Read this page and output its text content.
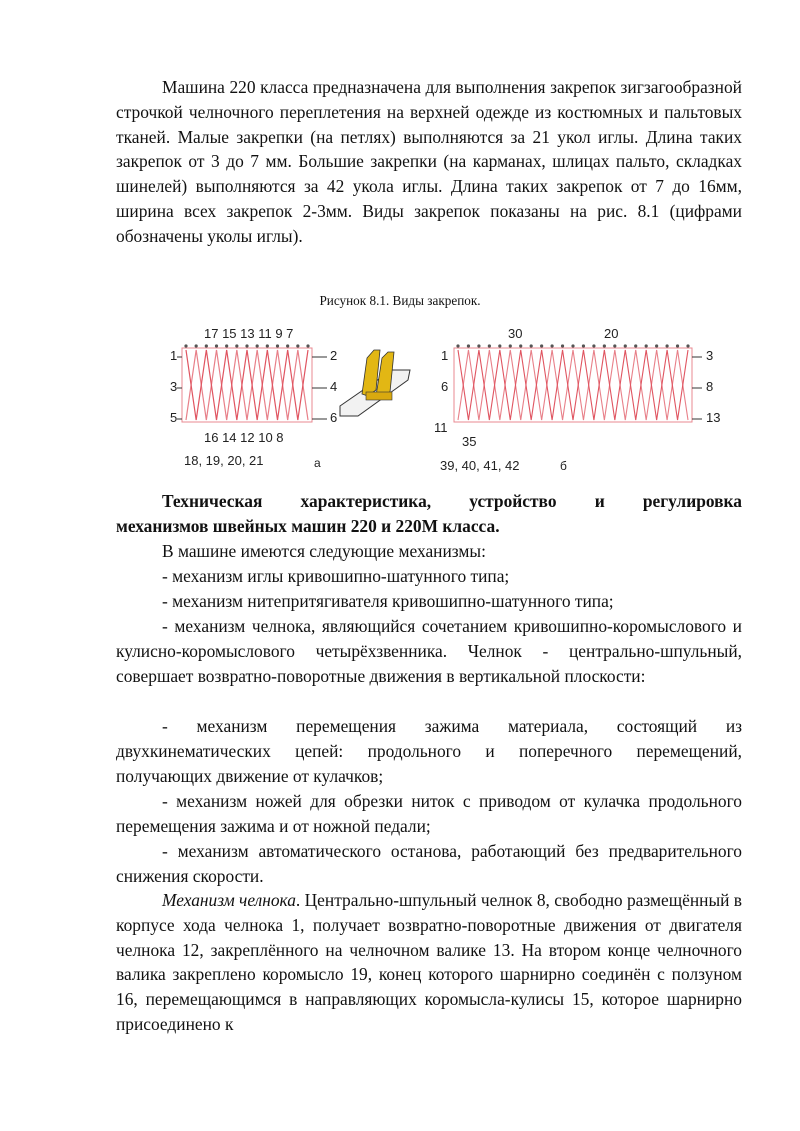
Машина 220 класса предназначена для выполнения закрепок зигзагообразной строчкой челночного переплетения на верхней одежде из костюмных и пальтовых тканей. Малые закрепки (на петлях) выполняются за 21 укол иглы. Длина таких закрепок от 3 до 7 мм. Большие закрепки (на карманах, шлицах пальто, складках шинелей) выполняются за 42 укола иглы. Длина таких закрепок от 7 до 16мм, ширина всех закрепок 2-3мм. Виды закрепок показаны на рис. 8.1 (цифрами обозначены уколы иглы).

Рисунок 8.1. Виды закрепок.
17 15 13 11 9 7
1
3
5
2
4
6
16 14 12 10 8
18, 19, 20, 21	а
30	20
1
6
11
3
8
13
35
39, 40, 41, 42	б

Техническая характеристика, устройство и регулировка
механизмов швейных машин 220 и 220М класса.

В машине имеются следующие механизмы:

- механизм иглы кривошипно-шатунного типа;

- механизм нитепритягивателя кривошипно-шатунного типа;

- механизм челнока, являющийся сочетанием кривошипно-коромыслового и кулисно-коромыслового четырёхзвенника. Челнок - центрально-шпульный, совершает возвратно-поворотные движения в вертикальной плоскости:

- механизм перемещения зажима материала, состоящий из двухкинематических цепей: продольного и поперечного перемещений, получающих движение от кулачков;

- механизм ножей для обрезки ниток с приводом от кулачка продольного перемещения зажима и от ножной педали;

- механизм автоматического останова, работающий без предварительного снижения скорости.

Механизм челнока. Центрально-шпульный челнок 8, свободно размещённый в корпусе хода челнока 1, получает возвратно-поворотные движения от двигателя челнока 12, закреплённого на челночном валике 13. На втором конце челночного валика закреплено коромысло 19, конец которого шарнирно соединён с ползуном 16, перемещающимся в направляющих коромысла-кулисы 15, которое шарнирно присоединено к
